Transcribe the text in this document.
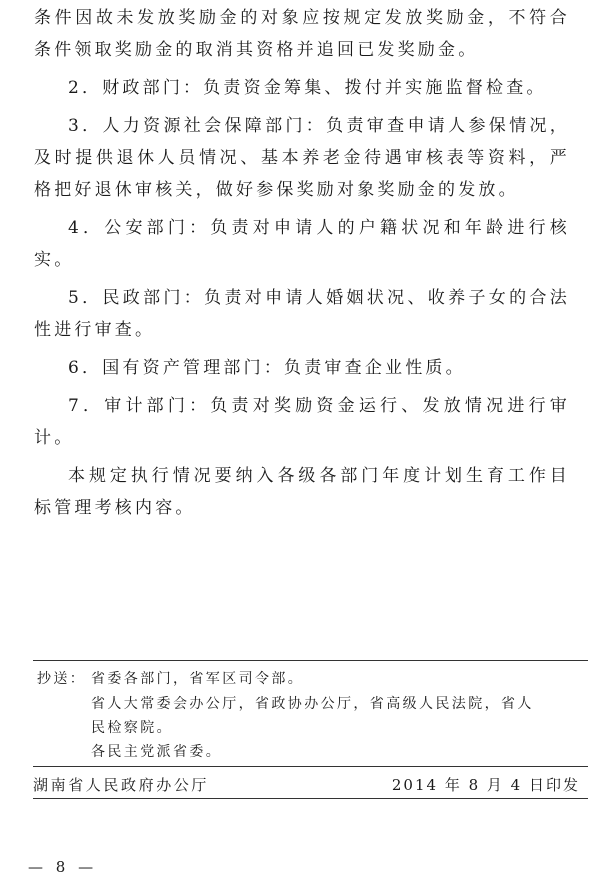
条件因故未发放奖励金的对象应按规定发放奖励金，不符合条件领取奖励金的取消其资格并追回已发奖励金。

2．财政部门：负责资金筹集、拨付并实施监督检查。

3．人力资源社会保障部门：负责审查申请人参保情况，及时提供退休人员情况、基本养老金待遇审核表等资料，严格把好退休审核关，做好参保奖励对象奖励金的发放。

4．公安部门：负责对申请人的户籍状况和年龄进行核实。

5．民政部门：负责对申请人婚姻状况、收养子女的合法性进行审查。

6．国有资产管理部门：负责审查企业性质。

7．审计部门：负责对奖励资金运行、发放情况进行审计。

本规定执行情况要纳入各级各部门年度计划生育工作目标管理考核内容。

抄送： 省委各部门，省军区司令部。
省人大常委会办公厅，省政协办公厅，省高级人民法院，省人
民检察院。
各民主党派省委。
湖南省人民政府办公厅	2014 年 8 月 4 日印发
— 8 —
